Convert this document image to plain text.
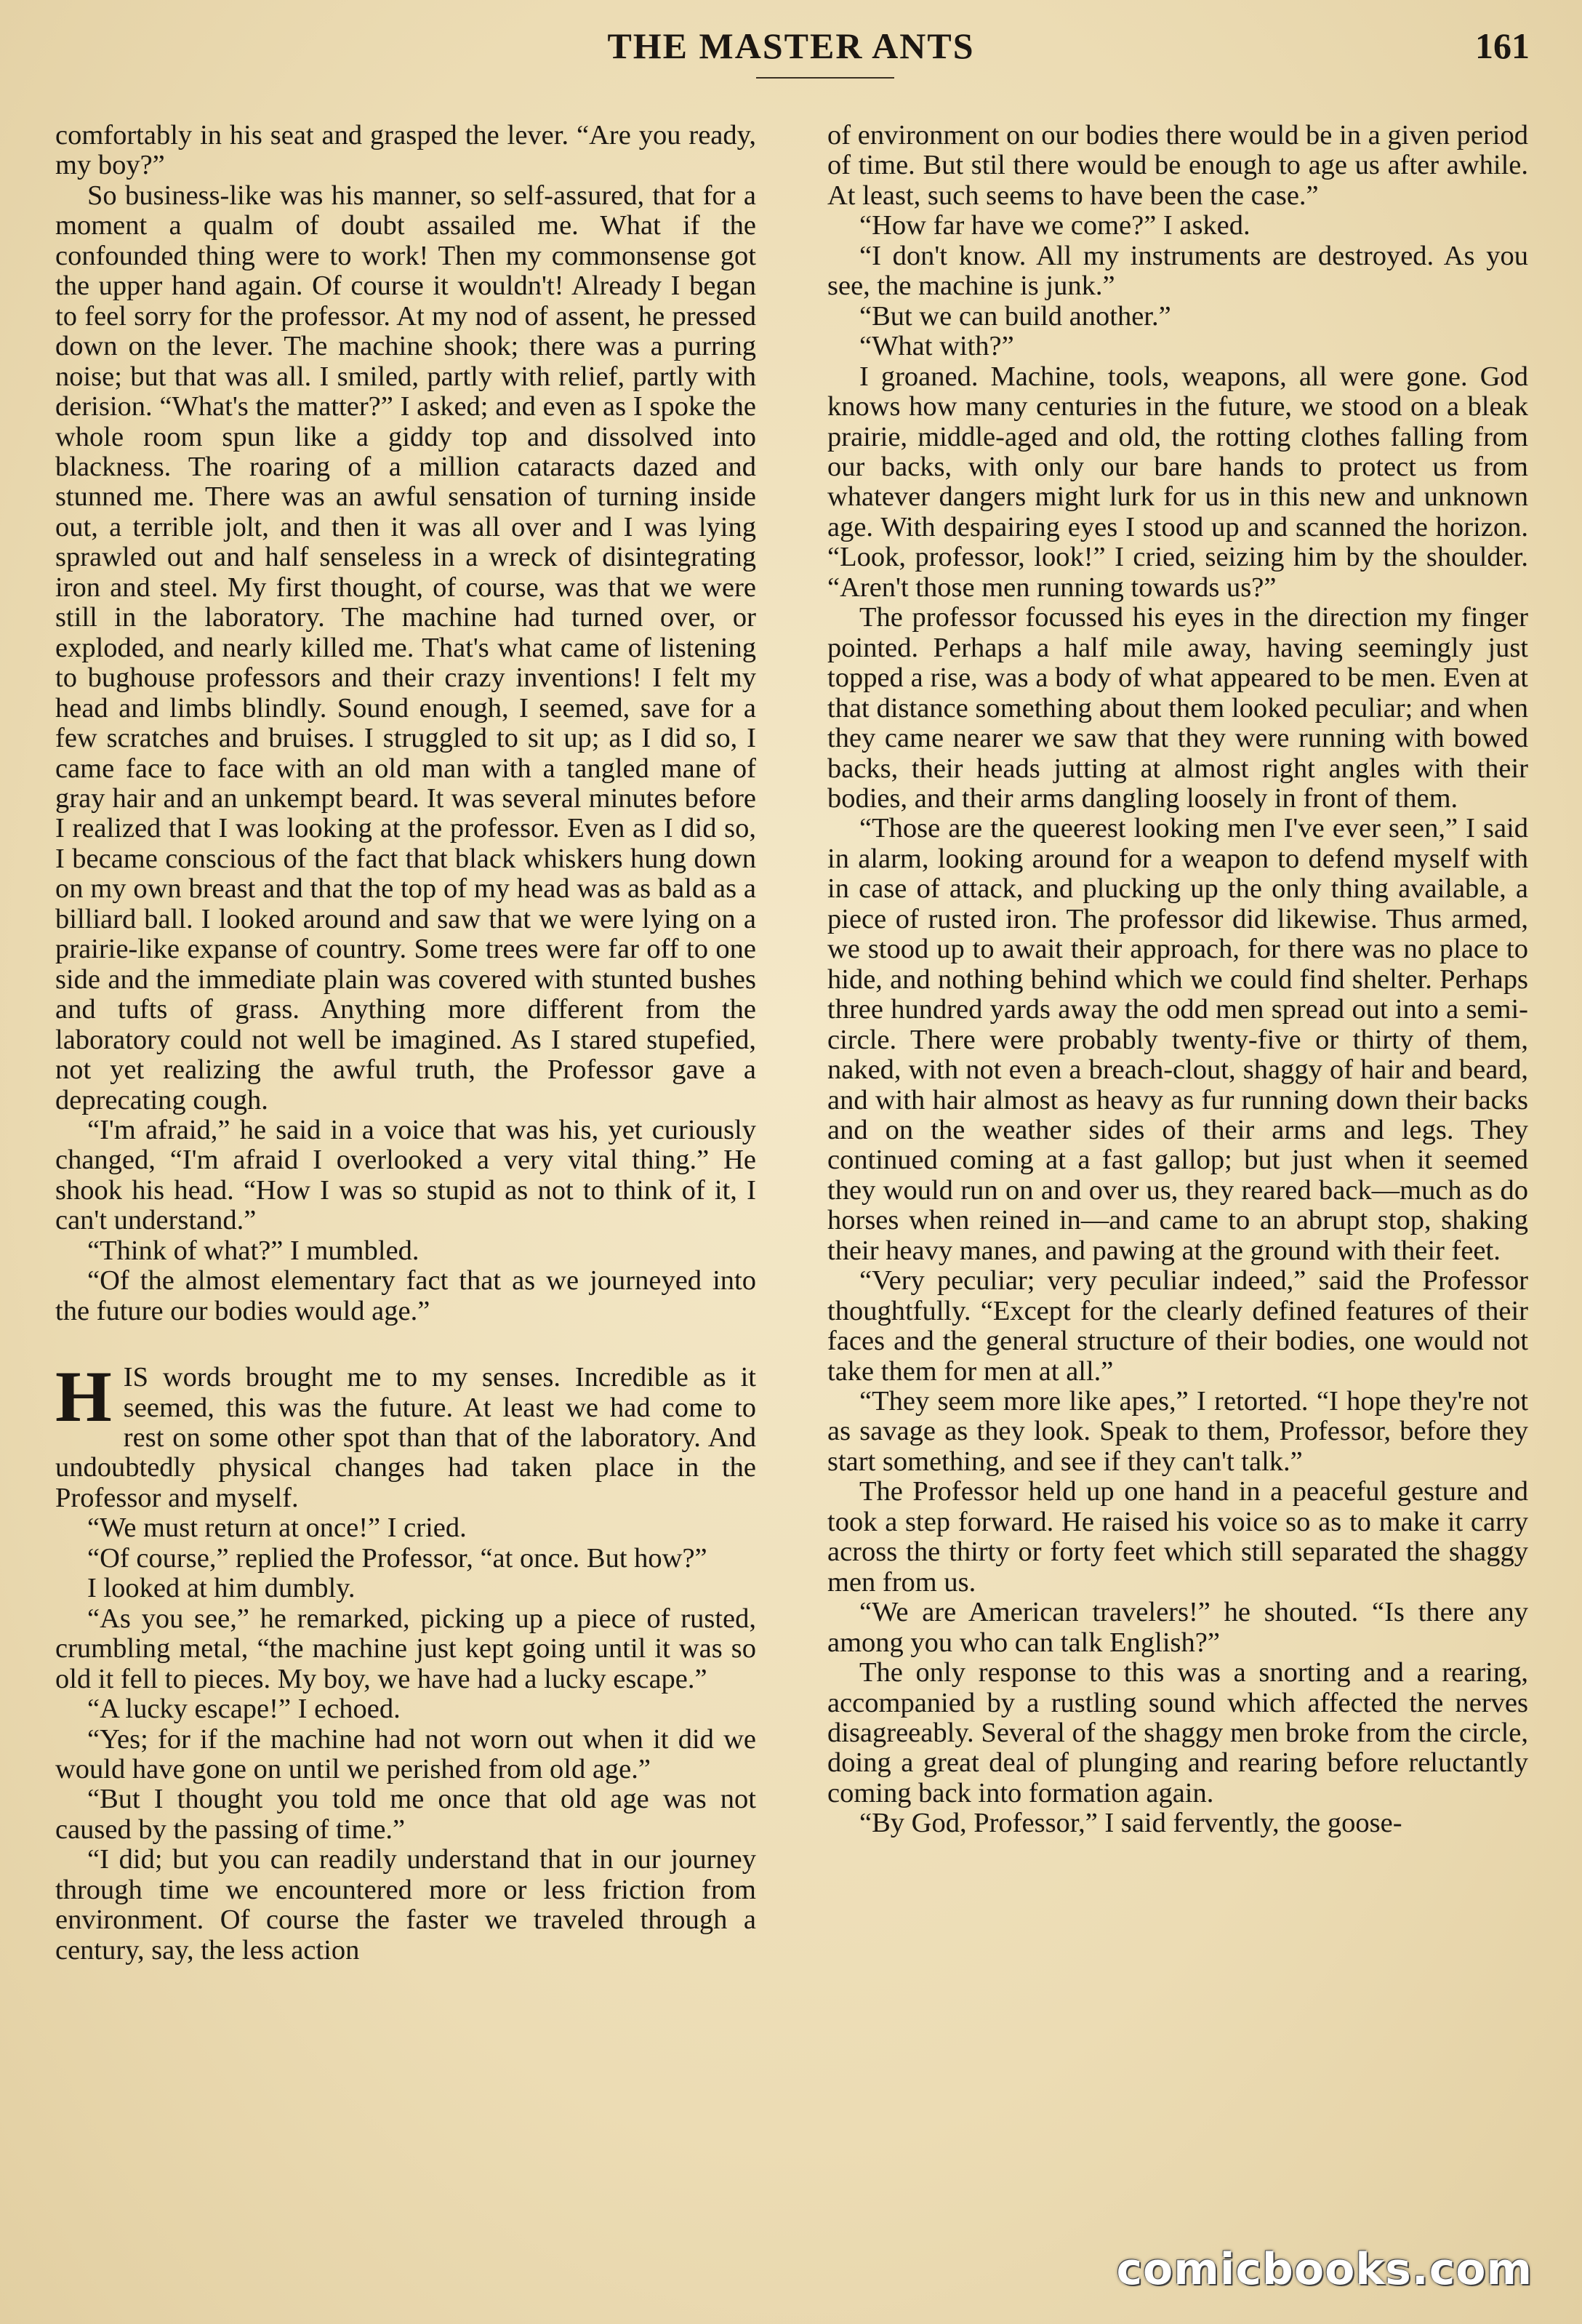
THE MASTER ANTS	161

comfortably in his seat and grasped the lever. “Are you ready, my boy?”

So business-like was his manner, so self-assured, that for a moment a qualm of doubt assailed me. What if the confounded thing were to work! Then my commonsense got the upper hand again. Of course it wouldn't! Already I began to feel sorry for the professor. At my nod of assent, he pressed down on the lever. The machine shook; there was a purring noise; but that was all. I smiled, partly with relief, partly with derision. “What's the matter?” I asked; and even as I spoke the whole room spun like a giddy top and dissolved into blackness. The roaring of a million cataracts dazed and stunned me. There was an awful sensation of turning inside out, a terrible jolt, and then it was all over and I was lying sprawled out and half senseless in a wreck of disintegrating iron and steel. My first thought, of course, was that we were still in the laboratory. The machine had turned over, or exploded, and nearly killed me. That's what came of listening to bughouse professors and their crazy inventions! I felt my head and limbs blindly. Sound enough, I seemed, save for a few scratches and bruises. I struggled to sit up; as I did so, I came face to face with an old man with a tangled mane of gray hair and an unkempt beard. It was several minutes before I realized that I was looking at the professor. Even as I did so, I became conscious of the fact that black whiskers hung down on my own breast and that the top of my head was as bald as a billiard ball. I looked around and saw that we were lying on a prairie-like expanse of country. Some trees were far off to one side and the immediate plain was covered with stunted bushes and tufts of grass. Anything more different from the laboratory could not well be imagined. As I stared stupefied, not yet realizing the awful truth, the Professor gave a deprecating cough.

“I'm afraid,” he said in a voice that was his, yet curiously changed, “I'm afraid I overlooked a very vital thing.” He shook his head. “How I was so stupid as not to think of it, I can't understand.”

“Think of what?” I mumbled.

“Of the almost elementary fact that as we journeyed into the future our bodies would age.”

HIS words brought me to my senses. Incredible as it seemed, this was the future. At least we had come to rest on some other spot than that of the laboratory. And undoubtedly physical changes had taken place in the Professor and myself.

“We must return at once!” I cried.

“Of course,” replied the Professor, “at once. But how?”

I looked at him dumbly.

“As you see,” he remarked, picking up a piece of rusted, crumbling metal, “the machine just kept going until it was so old it fell to pieces. My boy, we have had a lucky escape.”

“A lucky escape!” I echoed.

“Yes; for if the machine had not worn out when it did we would have gone on until we perished from old age.”

“But I thought you told me once that old age was not caused by the passing of time.”

“I did; but you can readily understand that in our journey through time we encountered more or less friction from environment. Of course the faster we traveled through a century, say, the less action

of environment on our bodies there would be in a given period of time. But stil there would be enough to age us after awhile. At least, such seems to have been the case.”

“How far have we come?” I asked.

“I don't know. All my instruments are destroyed. As you see, the machine is junk.”

“But we can build another.”

“What with?”

I groaned. Machine, tools, weapons, all were gone. God knows how many centuries in the future, we stood on a bleak prairie, middle-aged and old, the rotting clothes falling from our backs, with only our bare hands to protect us from whatever dangers might lurk for us in this new and unknown age. With despairing eyes I stood up and scanned the horizon. “Look, professor, look!” I cried, seizing him by the shoulder. “Aren't those men running towards us?”

The professor focussed his eyes in the direction my finger pointed. Perhaps a half mile away, having seemingly just topped a rise, was a body of what appeared to be men. Even at that distance something about them looked peculiar; and when they came nearer we saw that they were running with bowed backs, their heads jutting at almost right angles with their bodies, and their arms dangling loosely in front of them.

“Those are the queerest looking men I've ever seen,” I said in alarm, looking around for a weapon to defend myself with in case of attack, and plucking up the only thing available, a piece of rusted iron. The professor did likewise. Thus armed, we stood up to await their approach, for there was no place to hide, and nothing behind which we could find shelter. Perhaps three hundred yards away the odd men spread out into a semi-circle. There were probably twenty-five or thirty of them, naked, with not even a breach-clout, shaggy of hair and beard, and with hair almost as heavy as fur running down their backs and on the weather sides of their arms and legs. They continued coming at a fast gallop; but just when it seemed they would run on and over us, they reared back—much as do horses when reined in—and came to an abrupt stop, shaking their heavy manes, and pawing at the ground with their feet.

“Very peculiar; very peculiar indeed,” said the Professor thoughtfully. “Except for the clearly defined features of their faces and the general structure of their bodies, one would not take them for men at all.”

“They seem more like apes,” I retorted. “I hope they're not as savage as they look. Speak to them, Professor, before they start something, and see if they can't talk.”

The Professor held up one hand in a peaceful gesture and took a step forward. He raised his voice so as to make it carry across the thirty or forty feet which still separated the shaggy men from us.

“We are American travelers!” he shouted. “Is there any among you who can talk English?”

The only response to this was a snorting and a rearing, accompanied by a rustling sound which affected the nerves disagreeably. Several of the shaggy men broke from the circle, doing a great deal of plunging and rearing before reluctantly coming back into formation again.

“By God, Professor,” I said fervently, the goose-

comicbooks.com
